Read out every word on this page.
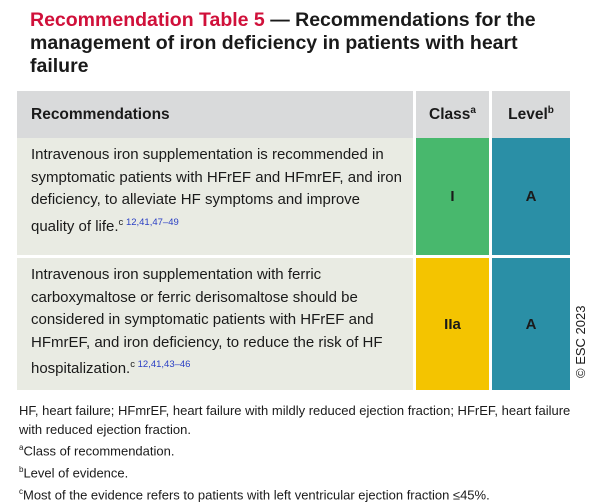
Recommendation Table 5 — Recommendations for the management of iron deficiency in patients with heart failure
Recommendations	Class$^a$	Level$^b$
Intravenous iron supplementation is recommended in symptomatic patients with HFrEF and HFmrEF, and iron deficiency, to alleviate HF symptoms and improve quality of life.$^{c 12,41,47-49}$	I	A
Intravenous iron supplementation with ferric carboxymaltose or ferric derisomaltose should be considered in symptomatic patients with HFrEF and HFmrEF, and iron deficiency, to reduce the risk of HF hospitalization.$^{c 12,41,43-46}$	IIa	A	© ESC 2023
HF, heart failure; HFmrEF, heart failure with mildly reduced ejection fraction; HFrEF, heart failure with reduced ejection fraction.
$^a$Class of recommendation.
$^b$Level of evidence.
$^c$Most of the evidence refers to patients with left ventricular ejection fraction ≤45%.
